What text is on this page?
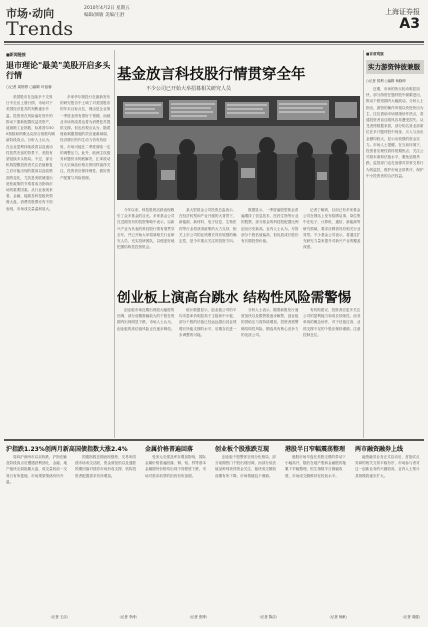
市场·动向
Trends
2010年4月2日 星期五
编辑/颜敏 美编/王舒	上海证券报
A3
■新闻链接
退市理论"最美"美股开启多头行情
○记者 周婷婷 ○编辑 叶蓓蓉

美国股市在连续多个交易日中走出上涨行情，市场对于美国经济复苏的判断逐步升温，投资者在风险偏好回升的推动下重新配置权益类资产，道琼斯工业指数、标准普尔500指数和纳斯达克综合指数均刷新阶段高点。分析人士认为，在企业盈利持续改善以及流动性依然充裕的背景下，美股有望延续多头格局。不过，部分机构提醒投资者关注估值修复之后可能出现的震荡以及政策面的变化，尤其是美联储退出宽松政策的节奏将成为影响市场的重要因素。从行业表现来看，金融、能源及科技板块领涨大盘，消费类股票亦有不俗表现，市场成交量温和放大。

多家华尔街投行在最新发布的研究报告中上调了对美国股市的年末目标点位，理由是企业第一季度业绩有望好于预期，而就业市场的改善也将为消费复苏提供支撑。但也有观点认为，随着财政刺激措施的效应逐渐减弱，经济增长的内生动力仍有待检验，市场可能在二季度面临一定的调整压力。此外，欧洲主权债务问题仍未彻底解决，汇率波动与大宗商品价格走势同样值得关注，投资者应保持理性，做好资产配置与风险管理。

基金放言科技股行情贯穿全年
不少公司已开始大举招募相关研究人员

今年以来，科技股的活跃表现吸引了众多基金的目光。多家基金公司在近期发布的投资策略中表示，以新兴产业为代表的科技股行情有望贯穿全年，并已开始大举招募相关行业研究人员，充实投研团队，以便更好地把握结构性投资机会。

某大型基金公司投资总监表示，在经济转型和产业升级的大背景下，新能源、新材料、电子信息、生物医药等行业将获得政策的大力支持，相关上市公司的业绩增长具有较强的确定性，是今年重点关注的投资方向。

数据显示，一季度偏股型基金普遍增持了信息技术、医药生物等行业的股票，部分基金的科技股配置比例创出历史新高。业内人士认为，尽管部分个股估值偏高，但优质成长股仍有长期投资价值。

记者了解到，目前已有多家基金公司在网站上发布招聘启事，岗位集中在电子、计算机、通信、新能源等研究领域，要求应聘者具有相关行业背景。不少基金公司表示，将通过扩充研究力量来提升对新兴产业的覆盖深度。

■首席观察
实力游资钟彼兼服
○记者 郭利 ○编辑 杨晓坤

近期，市场的热点轮动明显加快，部分游资在题材股中频繁进出，推动个股短期内大幅波动。分析人士指出，游资的操作风格以快进快出为主，往往借助市场情绪炒作热点，普通投资者盲目跟风容易遭受损失。从龙虎榜数据来看，部分知名营业部席位在多只题材股中现身，买入与卖出金额均较大，显示出较强的资金实力。市场人士提醒，在当前环境下，投资者应理性看待短期热点，关注公司基本面和估值水平，避免追涨杀跌。监管部门也在加强对异常交易行为的监控，维护市场正常秩序，保护中小投资者的合法权益。

创业板上演高台跳水 结构性风险需警惕

创业板市场近期出现较大幅度的回调，部分前期涨幅较大的个股在短期内出现明显下跌，市场人士认为，创业板的高估值风险正在逐步释放。

统计数据显示，创业板公司的平均市盈率仍明显高于主板和中小板，部分个股的估值已经远远超出其业绩增长所能支撑的水平，后期存在进一步调整的可能。

分析人士表示，随着新股发行速度加快以及限售股逐步解禁，创业板的供给压力将持续增加，投资者需警惕结构性风险，精选具有核心竞争力的优质公司。

有机构建议，投资者应更多关注公司的盈利能力和成长持续性，而非单纯的概念炒作，对于估值过高、业绩支撑不足的个股应保持谨慎，注意控制仓位。

沪指跌1.23%创两月新高

周四沪深两市双双收跌，沪指在触及阶段高点后遭遇获利回吐，金融、地产板块走弱拖累大盘，成交量较前一交易日有所萎缩，市场观望情绪有所升温。

（记者 王洁）
国债指数大涨2.4%

国债指数近期表现强势，交易所国债市场成交活跃，资金面宽松以及通胀预期回落对债券市场形成支撑，机构投资者配置需求有所增加。

（记者 李涛）
金属价格普遍回落

受美元走强及库存增加影响，国际金属价格普遍回落，铜、铝、锌等基本金属期货价格均出现不同程度下跌，市场对需求前景的担忧有所加剧。

（记者 张博）
创业板个股涨跌互现

创业板个股整体呈现分化格局，部分前期热门个股出现回调，而部分低估值品种则获得资金关注，板块成交额较前期有所下降，市场情绪趋于谨慎。

（记者 陈洁）
港股半日窄幅震荡整理

港股市场早盘在美股走强的带动下小幅高开，随后在地产股和金融股的拖累下窄幅整理，恒生指数半日微幅收涨，市场成交额维持在较低水平。

（记者 杨帆）
两市融资融券上线

融资融券业务正式启动后，首批试点券商的相关交易平稳有序，市场参与者对这一创新业务的兴趣较高，业内人士预计其规模将逐步扩大。

（记者 周健）
